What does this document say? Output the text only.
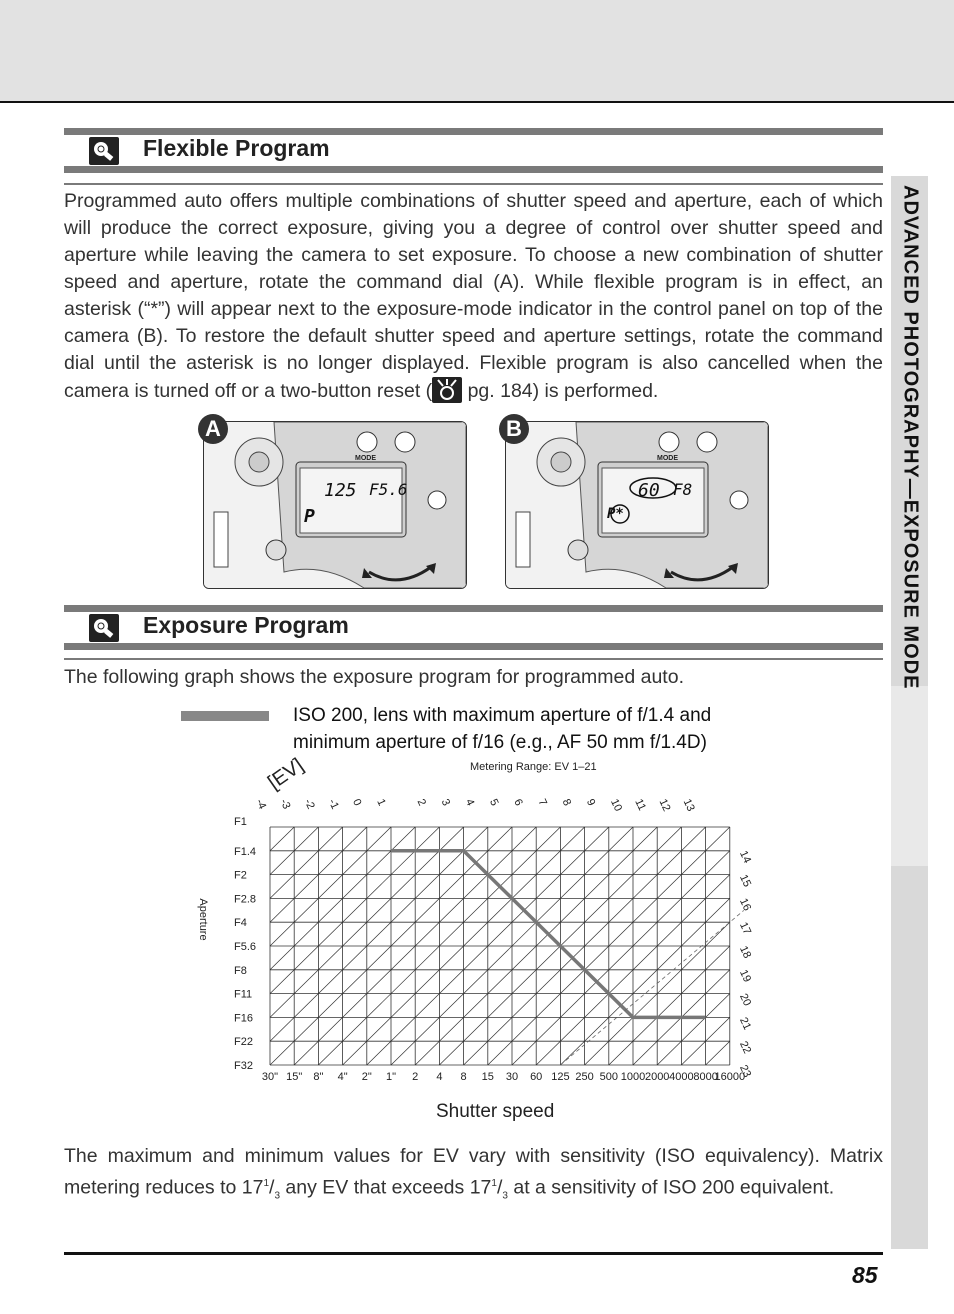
ADVANCED PHOTOGRAPHY—EXPOSURE MODE
Flexible Program
Programmed auto offers multiple combinations of shutter speed and aperture, each of which will produce the correct exposure, giving you a degree of control over shutter speed and aperture while leaving the camera to set exposure. To choose a new combination of shutter speed and aperture, rotate the command dial (A). While flexible program is in effect, an asterisk (“*”) will appear next to the exposure-mode indicator in the control panel on top of the camera (B). To restore the default shutter speed and aperture settings, rotate the command dial until the asterisk is no longer displayed. Flexible program is also cancelled when the camera is turned off or a two-button reset ( pg. 184) is performed.
MODE
125 F5.6
P
A
MODE
60 F8
P*
B
Exposure Program
The following graph shows the exposure program for programmed auto.
ISO 200, lens with maximum aperture of f/1.4 and minimum aperture of f/16 (e.g., AF 50 mm f/1.4D)
Metering Range: EV 1–21
[EV]
30" 15" 8" 4" 2" 1" 2 4 8 15 30 60 125 250 500 1000 2000 4000 8000
16000
F1
F1.4
F2
F2.8
F4
F5.6
F8
F11
F16
F22
F32
-4 -3 -2 -1 0 1 2 3 4 5 6 7 8 9 10 11 12 13
14
15
16
17
18
19
20
21
22
23
Aperture
Shutter speed
The maximum and minimum values for EV vary with sensitivity (ISO equivalency). Matrix metering reduces to $17^1/_3$ any EV that exceeds $17^1/_3$ at a sensitivity of ISO 200 equivalent.
85
